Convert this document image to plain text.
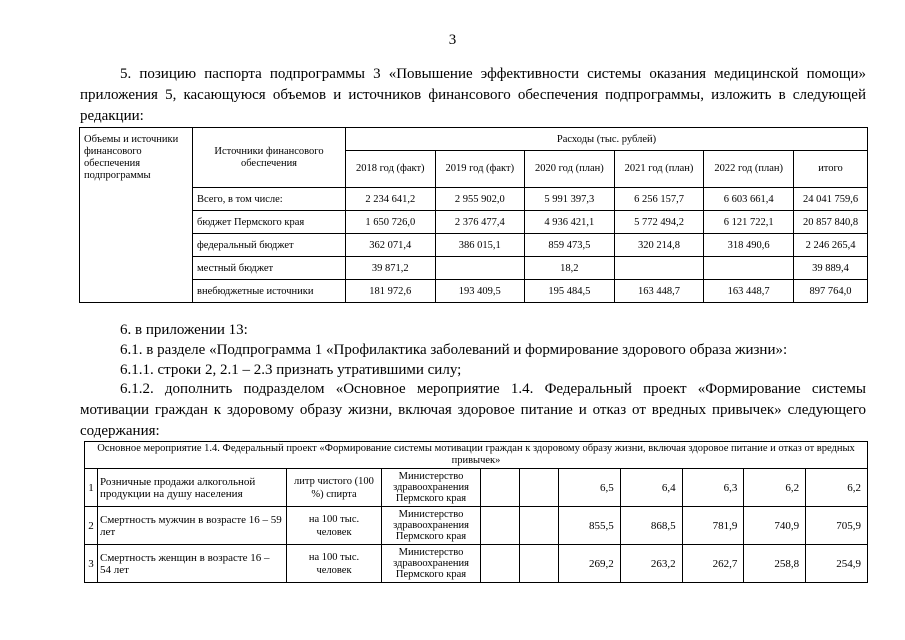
3
5. позицию паспорта подпрограммы 3 «Повышение эффективности системы оказания медицинской помощи» приложения 5, касающуюся объемов и источников финансового обеспечения подпрограммы, изложить в следующей редакции:
Объемы и источники финансового обеспечения подпрограммы	Источники финансового обеспечения	Расходы (тыс. рублей)					
		2018 год (факт)	2019 год (факт)	2020 год (план)	2021 год (план)	2022 год (план)	итого
	Всего, в том числе:	2 234 641,2	2 955 902,0	5 991 397,3	6 256 157,7	6 603 661,4	24 041 759,6
	бюджет Пермского края	1 650 726,0	2 376 477,4	4 936 421,1	5 772 494,2	6 121 722,1	20 857 840,8
	федеральный бюджет	362 071,4	386 015,1	859 473,5	320 214,8	318 490,6	2 246 265,4
	местный бюджет	39 871,2		18,2			39 889,4
	внебюджетные источники	181 972,6	193 409,5	195 484,5	163 448,7	163 448,7	897 764,0
6. в приложении 13:
6.1. в разделе «Подпрограмма 1 «Профилактика заболеваний и формирование здорового образа жизни»:
6.1.1. строки 2, 2.1 – 2.3 признать утратившими силу;
6.1.2. дополнить подразделом «Основное мероприятие 1.4. Федеральный проект «Формирование системы мотивации граждан к здоровому образу жизни, включая здоровое питание и отказ от вредных привычек» следующего содержания:
Основное мероприятие 1.4. Федеральный проект «Формирование системы мотивации граждан к здоровому образу жизни, включая здоровое питание и отказ от вредных привычек»										
1	Розничные продажи алкогольной продукции на душу населения	литр чистого (100 %) спирта	Министерство здравоохранения Пермского края			6,5	6,4	6,3	6,2	6,2
2	Смертность мужчин в возрасте 16 – 59 лет	на 100 тыс. человек	Министерство здравоохранения Пермского края			855,5	868,5	781,9	740,9	705,9
3	Смертность женщин в возрасте 16 – 54 лет	на 100 тыс. человек	Министерство здравоохранения Пермского края			269,2	263,2	262,7	258,8	254,9
